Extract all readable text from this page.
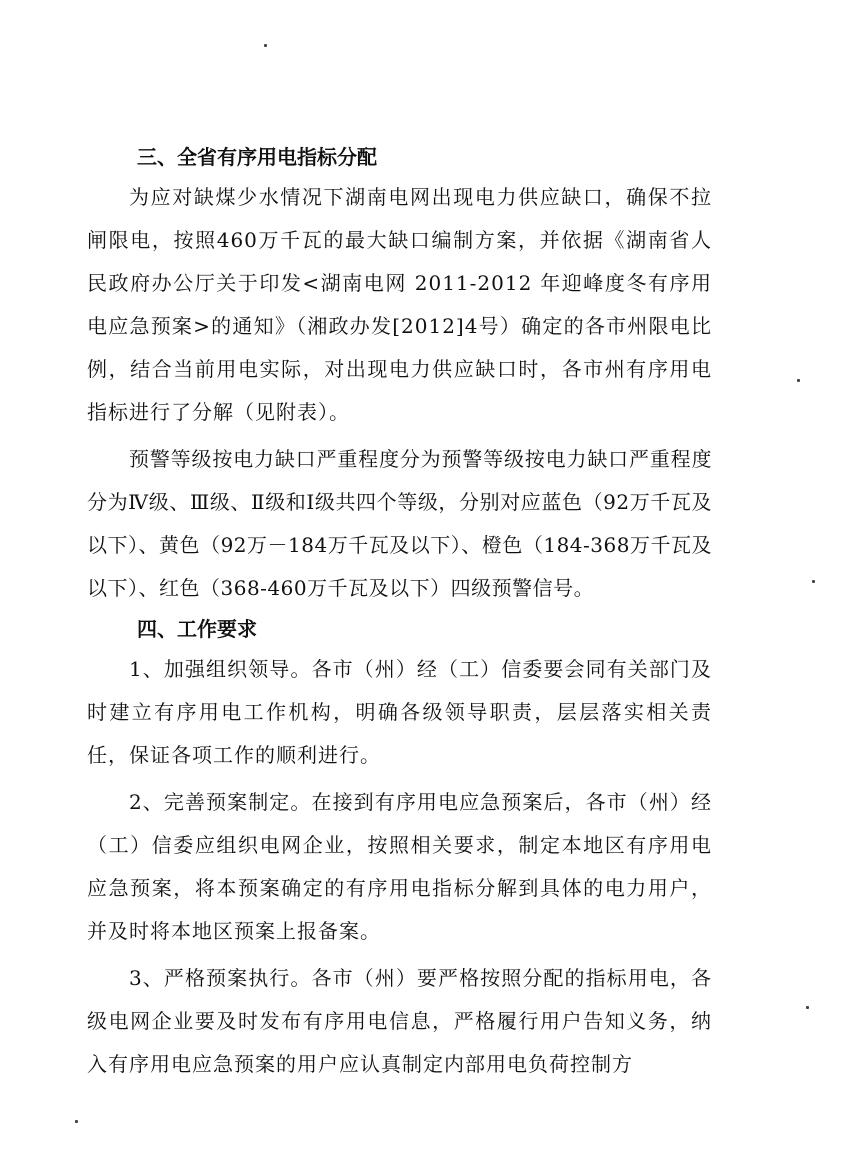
三、全省有序用电指标分配

为应对缺煤少水情况下湖南电网出现电力供应缺口，确保不拉闸限电，按照460万千瓦的最大缺口编制方案，并依据《湖南省人民政府办公厅关于印发<湖南电网 2011-2012 年迎峰度冬有序用电应急预案>的通知》（湘政办发[2012]4号）确定的各市州限电比例，结合当前用电实际，对出现电力供应缺口时，各市州有序用电指标进行了分解（见附表）。

预警等级按电力缺口严重程度分为预警等级按电力缺口严重程度分为Ⅳ级、Ⅲ级、Ⅱ级和Ⅰ级共四个等级，分别对应蓝色（92万千瓦及以下）、黄色（92万－184万千瓦及以下）、橙色（184-368万千瓦及以下）、红色（368-460万千瓦及以下）四级预警信号。

四、工作要求

1、加强组织领导。各市（州）经（工）信委要会同有关部门及时建立有序用电工作机构，明确各级领导职责，层层落实相关责任，保证各项工作的顺利进行。

2、完善预案制定。在接到有序用电应急预案后，各市（州）经（工）信委应组织电网企业，按照相关要求，制定本地区有序用电应急预案，将本预案确定的有序用电指标分解到具体的电力用户，并及时将本地区预案上报备案。

3、严格预案执行。各市（州）要严格按照分配的指标用电，各级电网企业要及时发布有序用电信息，严格履行用户告知义务，纳入有序用电应急预案的用户应认真制定内部用电负荷控制方
